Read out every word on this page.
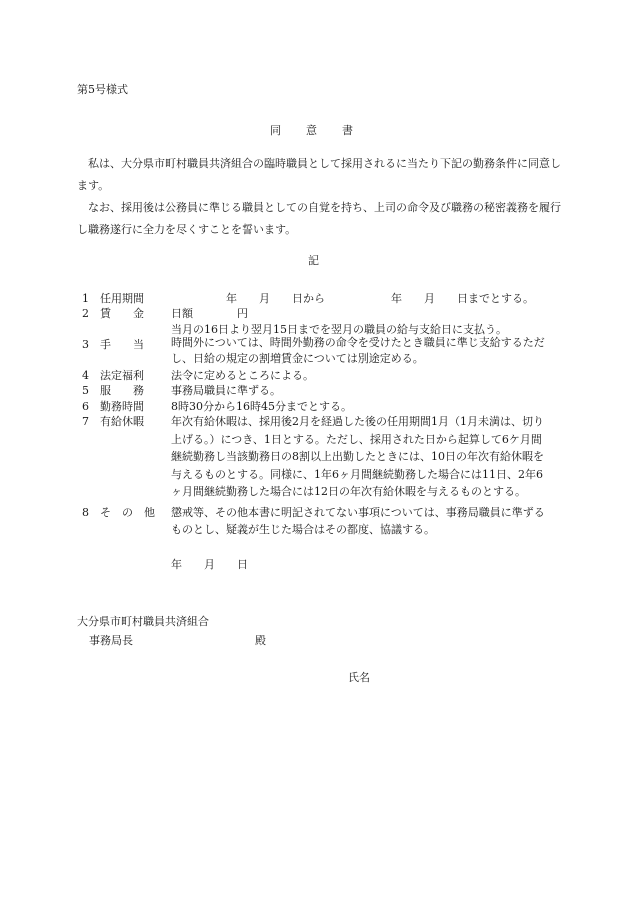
第5号様式
同 意 書
私は、大分県市町村職員共済組合の臨時職員として採用されるに当たり下記の勤務条件に同意します。
なお、採用後は公務員に準じる職員としての自覚を持ち、上司の命令及び職務の秘密義務を履行し職務遂行に全力を尽くすことを誓います。
記
1	任用期間	　　　　　年　　月　　日から　　　　　　年　　月　　日までとする。
2	賃　　金	日額　　　　円
当月の16日より翌月15日までを翌月の職員の給与支給日に支払う。
3	手　　当	時間外については、時間外勤務の命令を受けたとき職員に準じ支給するただし、日給の規定の割増賃金については別途定める。
4	法定福利	法令に定めるところによる。
5	服　　務	事務局職員に準ずる。
6	勤務時間	8時30分から16時45分までとする。
7	有給休暇	年次有給休暇は、採用後2月を経過した後の任用期間1月（1月未満は、切り上げる。）につき、1日とする。ただし、採用された日から起算して6ケ月間継続勤務し当該勤務日の8割以上出勤したときには、10日の年次有給休暇を与えるものとする。同様に、1年6ヶ月間継続勤務した場合には11日、2年6ヶ月間継続勤務した場合には12日の年次有給休暇を与えるものとする。
8	そ　の　他	懲戒等、その他本書に明記されてない事項については、事務局職員に準ずるものとし、疑義が生じた場合はその都度、協議する。
年 月 日
大分県市町村職員共済組合
事務局長	殿
氏名
